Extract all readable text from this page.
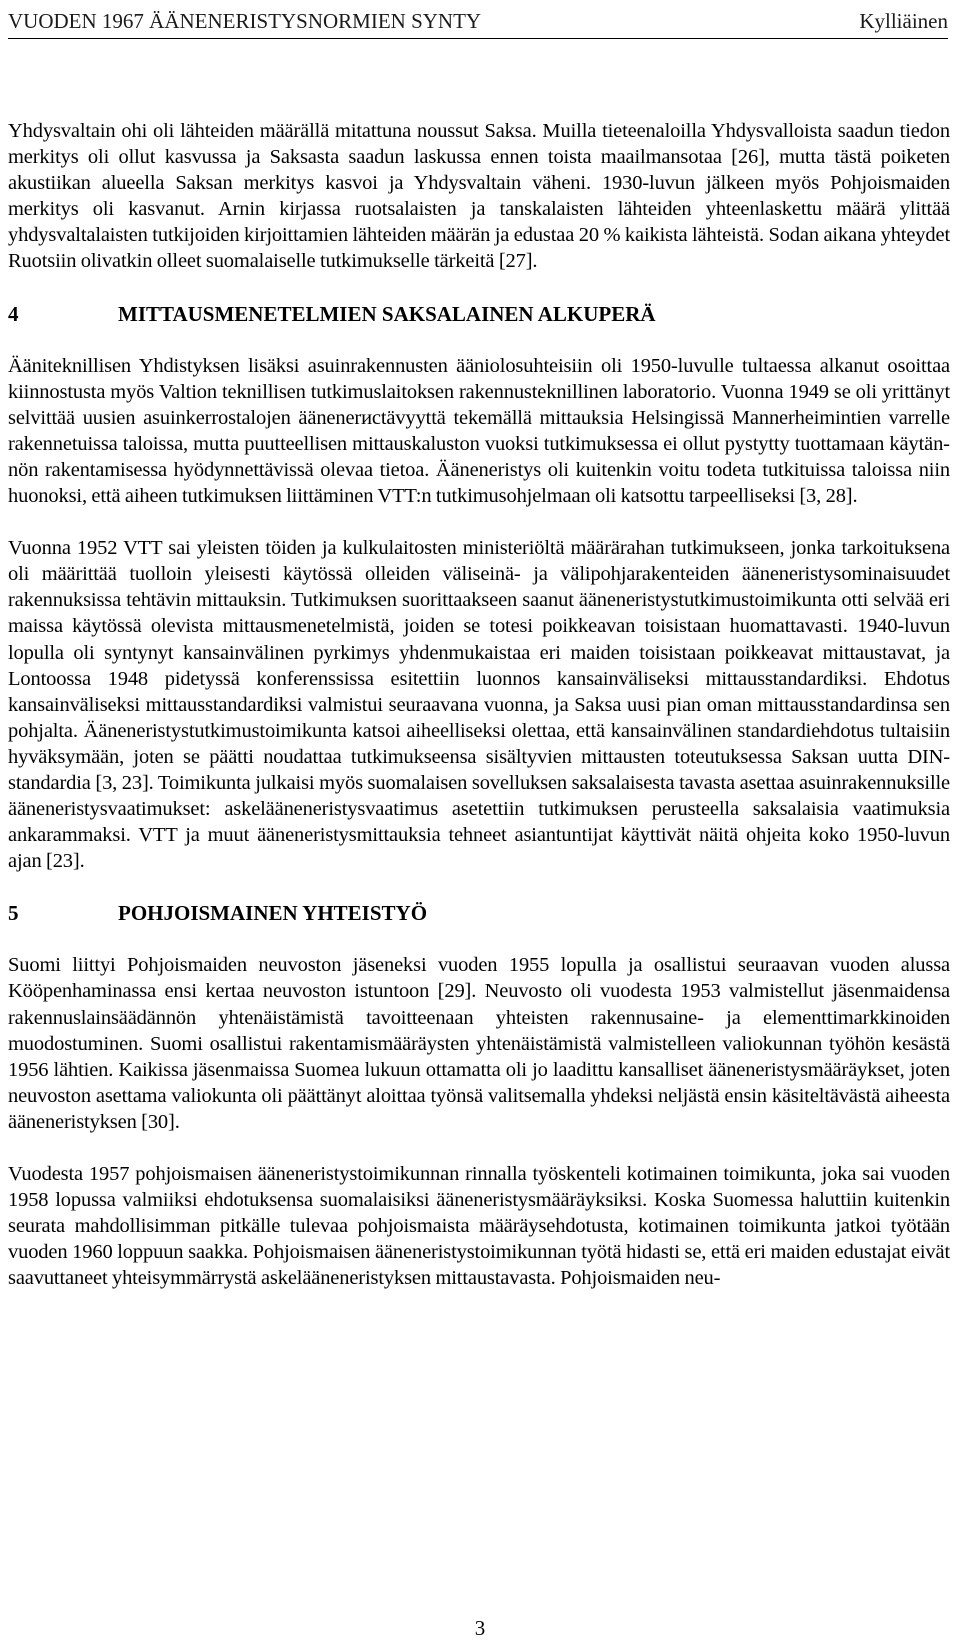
VUODEN 1967 ÄÄNENERISTYSNORMIEN SYNTY	Kylliäinen

Yhdysvaltain ohi oli lähteiden määrällä mitattuna noussut Saksa. Muilla tieteenaloilla Yhdysvalloista saadun tiedon merkitys oli ollut kasvussa ja Saksasta saadun laskussa ennen toista maailmansotaa [26], mutta tästä poiketen akustiikan alueella Saksan merkitys kasvoi ja Yhdysvaltain väheni. 1930-luvun jälkeen myös Pohjoismaiden merkitys oli kasvanut. Arnin kirjassa ruotsalaisten ja tanskalaisten lähteiden yhteenlaskettu määrä ylittää yhdysvaltalaisten tutkijoiden kirjoittamien lähteiden määrän ja edustaa 20 % kaikista lähteistä. Sodan aikana yhteydet Ruotsiin olivatkin olleet suomalaiselle tutkimukselle tärkeitä [27].

4	MITTAUSMENETELMIEN SAKSALAINEN ALKUPERÄ

Ääniteknillisen Yhdistyksen lisäksi asuinrakennusten ääniolosuhteisiin oli 1950-luvulle tultaessa alkanut osoittaa kiinnostusta myös Valtion teknillisen tutkimuslaitoksen rakennusteknillinen laboratorio. Vuonna 1949 se oli yrittänyt selvittää uusien asuinkerrostalojen äänenerисtävyyttä tekemällä mittauksia Helsingissä Mannerheimintien varrelle rakennetuissa taloissa, mutta puutteellisen mittauskaluston vuoksi tutkimuksessa ei ollut pystytty tuottamaan käytännön rakentamisessa hyödynnettävissä olevaa tietoa. Ääneneristys oli kuitenkin voitu todeta tutkituissa taloissa niin huonoksi, että aiheen tutkimuksen liittäminen VTT:n tutkimusohjelmaan oli katsottu tarpeelliseksi [3, 28].

Vuonna 1952 VTT sai yleisten töiden ja kulkulaitosten ministeriöltä määrärahan tutkimukseen, jonka tarkoituksena oli määrittää tuolloin yleisesti käytössä olleiden väliseinä- ja välipohjarakenteiden ääneneristysominaisuudet rakennuksissa tehtävin mittauksin. Tutkimuksen suorittaakseen saanut ääneneristystutkimustoimikunta otti selvää eri maissa käytössä olevista mittausmenetelmistä, joiden se totesi poikkeavan toisistaan huomattavasti. 1940-luvun lopulla oli syntynyt kansainvälinen pyrkimys yhdenmukaistaa eri maiden toisistaan poikkeavat mittaustavat, ja Lontoossa 1948 pidetyssä konferenssissa esitettiin luonnos kansainväliseksi mittausstandardiksi. Ehdotus kansainväliseksi mittausstandardiksi valmistui seuraavana vuonna, ja Saksa uusi pian oman mittausstandardinsa sen pohjalta. Ääneneristystutkimustoimikunta katsoi aiheelliseksi olettaa, että kansainvälinen standardiehdotus tultaisiin hyväksymään, joten se päätti noudattaa tutkimukseensa sisältyvien mittausten toteutuksessa Saksan uutta DIN-standardia [3, 23]. Toimikunta julkaisi myös suomalaisen sovelluksen saksalaisesta tavasta asettaa asuinrakennuksille ääneneristysvaatimukset: askelääneneristysvaatimus asetettiin tutkimuksen perusteella saksalaisia vaatimuksia ankarammaksi. VTT ja muut ääneneristysmittauksia tehneet asiantuntijat käyttivät näitä ohjeita koko 1950-luvun ajan [23].

5	POHJOISMAINEN YHTEISTYÖ

Suomi liittyi Pohjoismaiden neuvoston jäseneksi vuoden 1955 lopulla ja osallistui seuraavan vuoden alussa Kööpenhaminassa ensi kertaa neuvoston istuntoon [29]. Neuvosto oli vuodesta 1953 valmistellut jäsenmaidensa rakennuslainsäädännön yhtenäistämistä tavoitteenaan yhteisten rakennusaine- ja elementtimarkkinoiden muodostuminen. Suomi osallistui rakentamismääräysten yhtenäistämistä valmistelleen valiokunnan työhön kesästä 1956 lähtien. Kaikissa jäsenmaissa Suomea lukuun ottamatta oli jo laadittu kansalliset ääneneristysmääräykset, joten neuvoston asettama valiokunta oli päättänyt aloittaa työnsä valitsemalla yhdeksi neljästä ensin käsiteltävästä aiheesta ääneneristyksen [30].

Vuodesta 1957 pohjoismaisen ääneneristystoimikunnan rinnalla työskenteli kotimainen toimikunta, joka sai vuoden 1958 lopussa valmiiksi ehdotuksensa suomalaisiksi ääneneristysmääräyksiksi. Koska Suomessa haluttiin kuitenkin seurata mahdollisimman pitkälle tulevaa pohjoismaista määräysehdotusta, kotimainen toimikunta jatkoi työtään vuoden 1960 loppuun saakka. Pohjoismaisen ääneneristystoimikunnan työtä hidasti se, että eri maiden edustajat eivät saavuttaneet yhteisymmärrystä askelääneneristyksen mittaustavasta. Pohjoismaiden neu-

3
